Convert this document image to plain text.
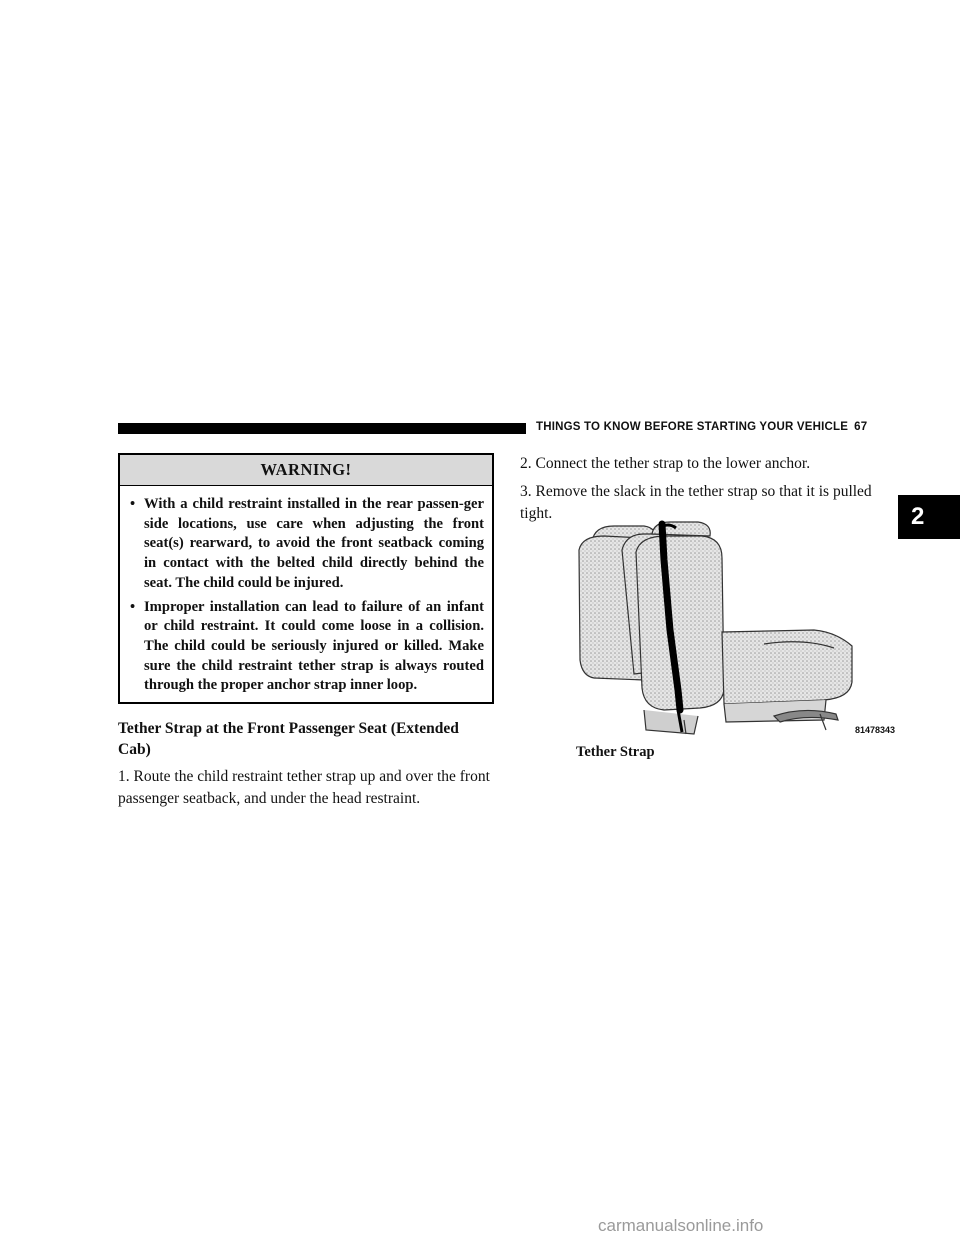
THINGS TO KNOW BEFORE STARTING YOUR VEHICLE 67
2
WARNING!
• With a child restraint installed in the rear passen-ger side locations, use care when adjusting the front seat(s) rearward, to avoid the front seatback coming in contact with the belted child directly behind the seat. The child could be injured.
• Improper installation can lead to failure of an infant or child restraint. It could come loose in a collision. The child could be seriously injured or killed. Make sure the child restraint tether strap is always routed through the proper anchor strap inner loop.
Tether Strap at the Front Passenger Seat (Extended Cab)
1. Route the child restraint tether strap up and over the front passenger seatback, and under the head restraint.
2. Connect the tether strap to the lower anchor.
3. Remove the slack in the tether strap so that it is pulled tight.
81478343
Tether Strap
carmanualsonline.info
